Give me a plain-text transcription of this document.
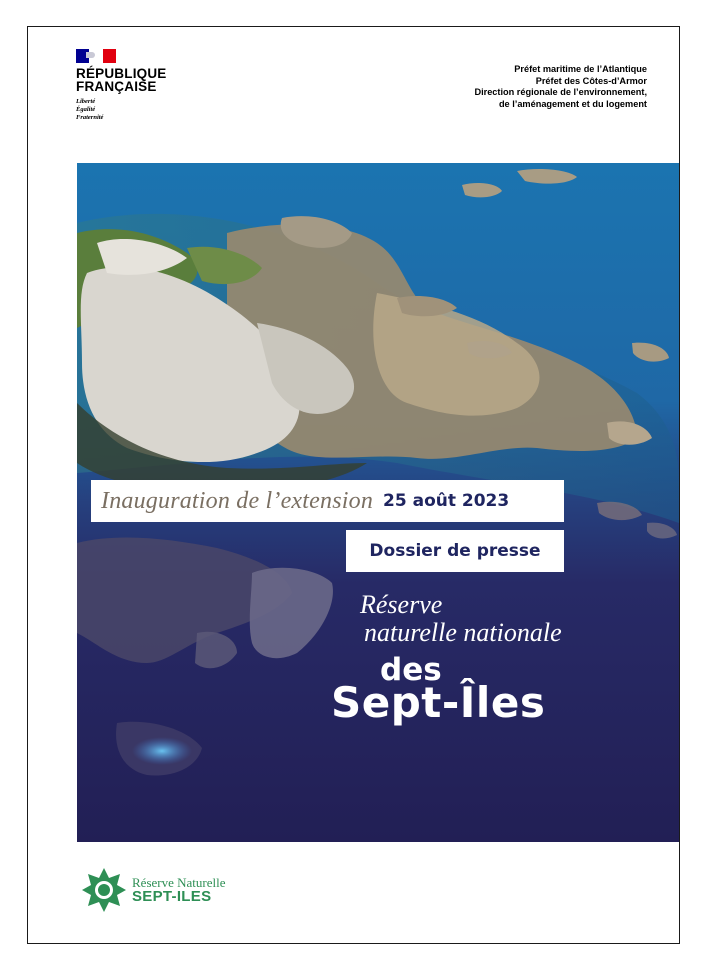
RÉPUBLIQUE
FRANÇAISE
Liberté
Égalité
Fraternité
Préfet maritime de l’Atlantique
Préfet des Côtes-d’Armor
Direction régionale de l’environnement,
de l’aménagement et du logement
Inauguration de l’extension 25 août 2023
Dossier de presse
Réserve
naturelle nationale
des
Sept-Îles
Réserve Naturelle
SEPT-ILES
